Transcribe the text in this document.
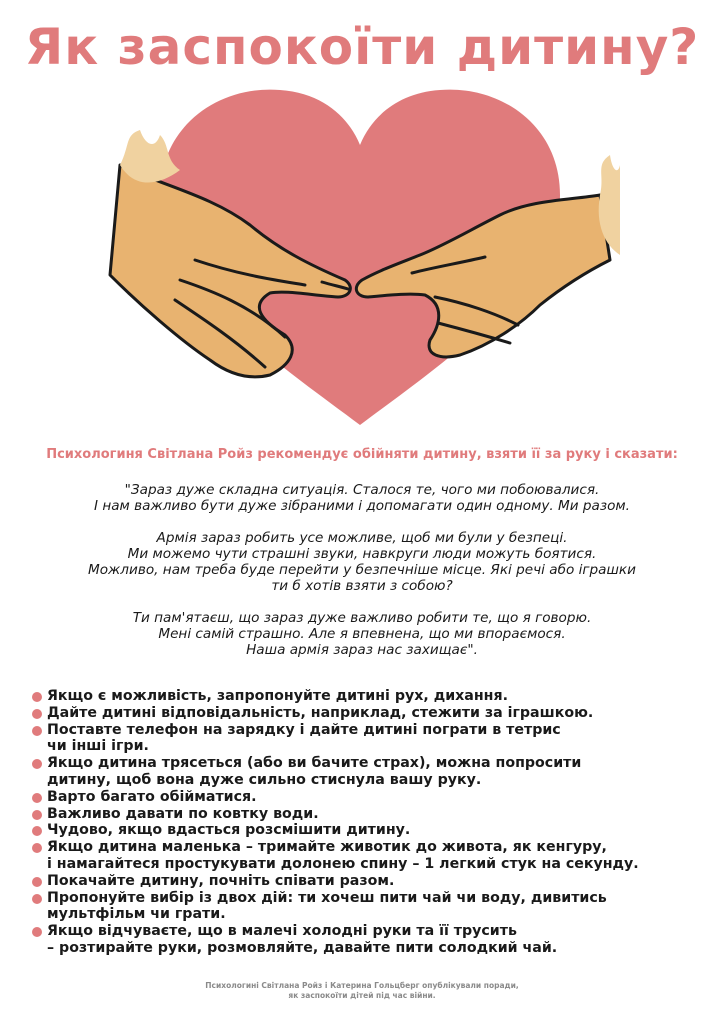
Як заспокоїти дитину?

Психологиня Світлана Ройз рекомендує обійняти дитину, взяти її за руку і сказати:

"Зараз дуже складна ситуація. Сталося те, чого ми побоювалися.
І нам важливо бути дуже зібраними і допомагати один одному. Ми разом.

Армія зараз робить усе можливе, щоб ми були у безпеці.
Ми можемо чути страшні звуки, навкруги люди можуть боятися.
Можливо, нам треба буде перейти у безпечніше місце. Які речі або іграшки
ти б хотів взяти з собою?

Ти пам'ятаєш, що зараз дуже важливо робити те, що я говорю.
Мені самій страшно. Але я впевнена, що ми впораємося.
Наша армія зараз нас захищає".

Якщо є можливість, запропонуйте дитині рух, дихання.
Дайте дитині відповідальність, наприклад, стежити за іграшкою.
Поставте телефон на зарядку і дайте дитині пограти в тетрис
чи інші ігри.
Якщо дитина трясеться (або ви бачите страх), можна попросити
дитину, щоб вона дуже сильно стиснула вашу руку.
Варто багато обійматися.
Важливо давати по ковтку води.
Чудово, якщо вдасться розсмішити дитину.
Якщо дитина маленька – тримайте животик до живота, як кенгуру,
і намагайтеся простукувати долонею спину – 1 легкий стук на секунду.
Покачайте дитину, почніть співати разом.
Пропонуйте вибір із двох дій: ти хочеш пити чай чи воду, дивитись
мультфільм чи грати.
Якщо відчуваєте, що в малечі холодні руки та її трусить
– розтирайте руки, розмовляйте, давайте пити солодкий чай.
Психологині Світлана Ройз і Катерина Гольцберг опублікували поради,
як заспокоїти дітей під час війни.
